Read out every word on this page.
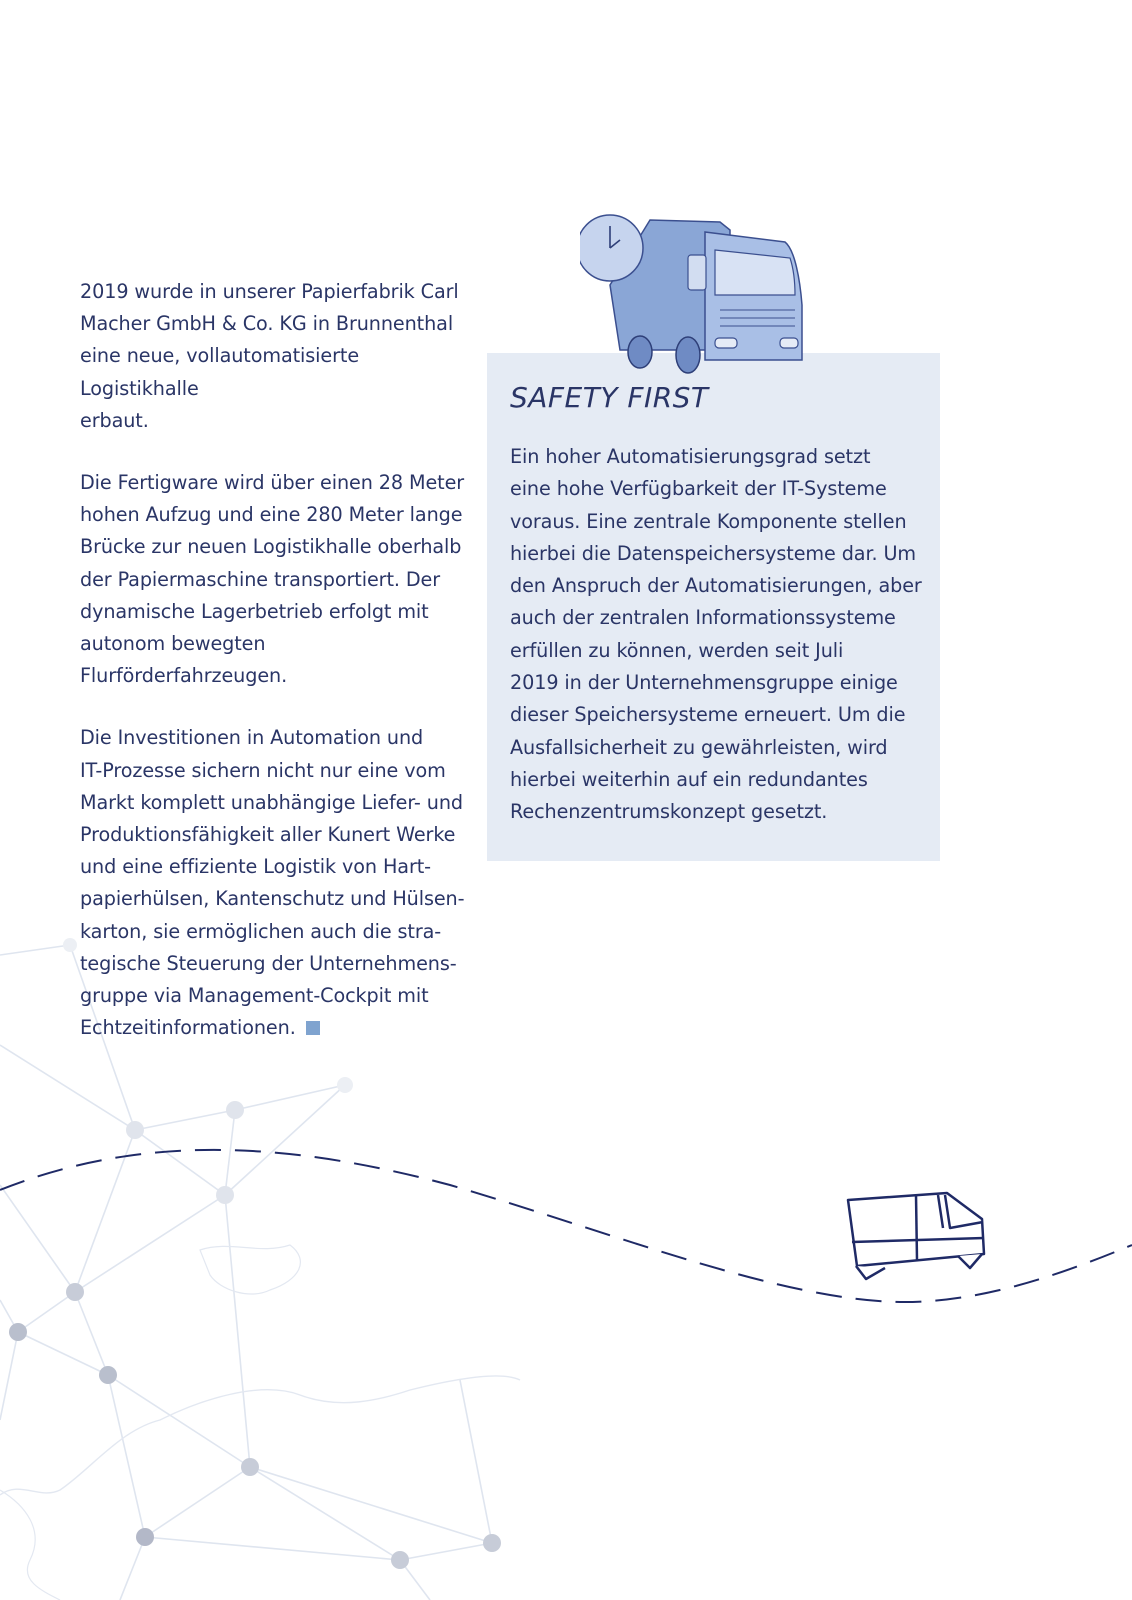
2019 wurde in unserer Papierfabrik Carl
Macher GmbH & Co. KG in Brunnenthal
eine neue, vollautomatisierte Logistikhalle
erbaut.

Die Fertigware wird über einen 28 Meter
hohen Aufzug und eine 280 Meter lange
Brücke zur neuen Logistikhalle oberhalb
der Papiermaschine transportiert. Der
dynamische Lagerbetrieb erfolgt mit
autonom bewegten Flurförderfahrzeugen.

Die Investitionen in Automation und
IT-Prozesse sichern nicht nur eine vom
Markt komplett unabhängige Liefer- und
Produktionsfähigkeit aller Kunert Werke
und eine effiziente Logistik von Hart-
papierhülsen, Kantenschutz und Hülsen-
karton, sie ermöglichen auch die stra-
tegische Steuerung der Unternehmens-
gruppe via Management-Cockpit mit
Echtzeitinformationen.

SAFETY FIRST

Ein hoher Automatisierungsgrad setzt
eine hohe Verfügbarkeit der IT-Systeme
voraus. Eine zentrale Komponente stellen
hierbei die Datenspeichersysteme dar. Um
den Anspruch der Automatisierungen, aber
auch der zentralen Informationssysteme
erfüllen zu können, werden seit Juli
2019 in der Unternehmensgruppe einige
dieser Speichersysteme erneuert. Um die
Ausfallsicherheit zu gewährleisten, wird
hierbei weiterhin auf ein redundantes
Rechenzentrumskonzept gesetzt.
